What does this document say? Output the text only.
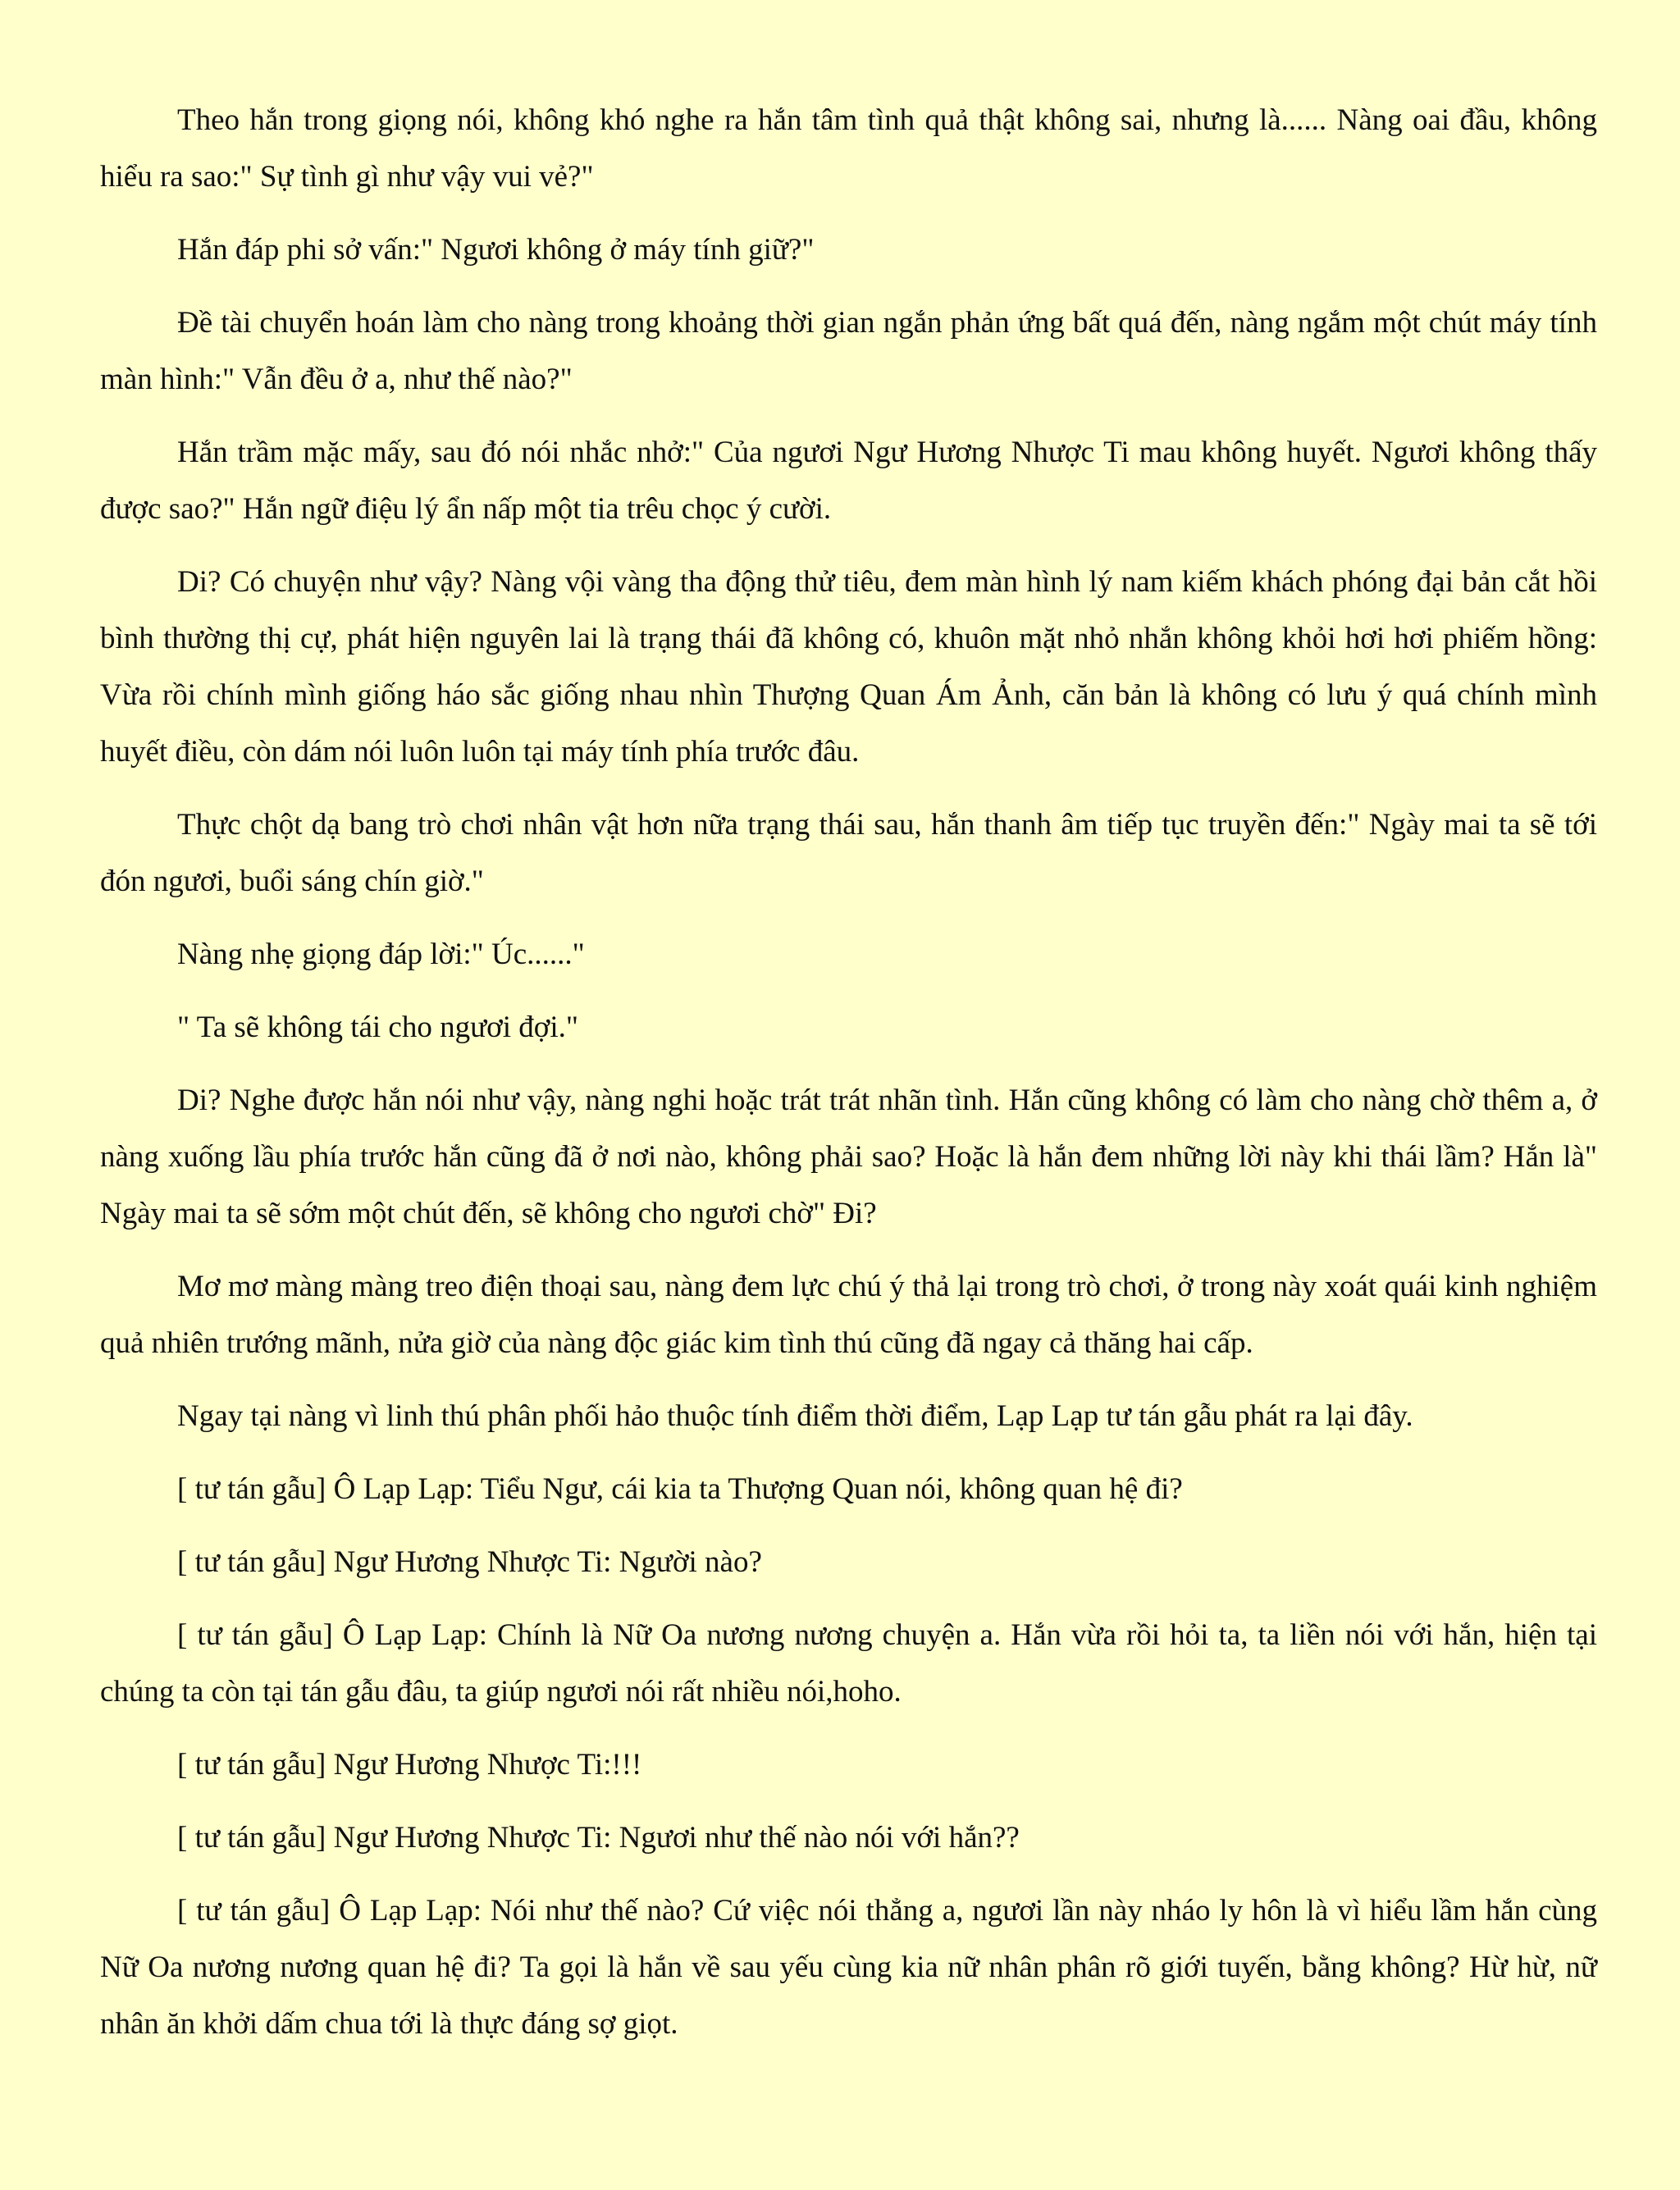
Theo hắn trong giọng nói, không khó nghe ra hắn tâm tình quả thật không sai, nhưng là...... Nàng oai đầu, không hiểu ra sao:" Sự tình gì như vậy vui vẻ?"

Hắn đáp phi sở vấn:" Ngươi không ở máy tính giữ?"

Đề tài chuyển hoán làm cho nàng trong khoảng thời gian ngắn phản ứng bất quá đến, nàng ngắm một chút máy tính màn hình:" Vẫn đều ở a, như thế nào?"

Hắn trầm mặc mấy, sau đó nói nhắc nhở:" Của ngươi Ngư Hương Nhược Ti mau không huyết. Ngươi không thấy được sao?" Hắn ngữ điệu lý ẩn nấp một tia trêu chọc ý cười.

Di? Có chuyện như vậy? Nàng vội vàng tha động thử tiêu, đem màn hình lý nam kiếm khách phóng đại bản cắt hồi bình thường thị cự, phát hiện nguyên lai là trạng thái đã không có, khuôn mặt nhỏ nhắn không khỏi hơi hơi phiếm hồng: Vừa rồi chính mình giống háo sắc giống nhau nhìn Thượng Quan Ám Ảnh, căn bản là không có lưu ý quá chính mình huyết điều, còn dám nói luôn luôn tại máy tính phía trước đâu.

Thực chột dạ bang trò chơi nhân vật hơn nữa trạng thái sau, hắn thanh âm tiếp tục truyền đến:" Ngày mai ta sẽ tới đón ngươi, buổi sáng chín giờ."

Nàng nhẹ giọng đáp lời:" Úc......"

" Ta sẽ không tái cho ngươi đợi."

Di? Nghe được hắn nói như vậy, nàng nghi hoặc trát trát nhãn tình. Hắn cũng không có làm cho nàng chờ thêm a, ở nàng xuống lầu phía trước hắn cũng đã ở nơi nào, không phải sao? Hoặc là hắn đem những lời này khi thái lầm? Hắn là" Ngày mai ta sẽ sớm một chút đến, sẽ không cho ngươi chờ" Đi?

Mơ mơ màng màng treo điện thoại sau, nàng đem lực chú ý thả lại trong trò chơi, ở trong này xoát quái kinh nghiệm quả nhiên trướng mãnh, nửa giờ của nàng độc giác kim tình thú cũng đã ngay cả thăng hai cấp.

Ngay tại nàng vì linh thú phân phối hảo thuộc tính điểm thời điểm, Lạp Lạp tư tán gẫu phát ra lại đây.

[ tư tán gẫu] Ô Lạp Lạp: Tiểu Ngư, cái kia ta Thượng Quan nói, không quan hệ đi?

[ tư tán gẫu] Ngư Hương Nhược Ti: Người nào?

[ tư tán gẫu] Ô Lạp Lạp: Chính là Nữ Oa nương nương chuyện a. Hắn vừa rồi hỏi ta, ta liền nói với hắn, hiện tại chúng ta còn tại tán gẫu đâu, ta giúp ngươi nói rất nhiều nói,hoho.

[ tư tán gẫu] Ngư Hương Nhược Ti:!!!

[ tư tán gẫu] Ngư Hương Nhược Ti: Ngươi như thế nào nói với hắn??

[ tư tán gẫu] Ô Lạp Lạp: Nói như thế nào? Cứ việc nói thẳng a, ngươi lần này nháo ly hôn là vì hiểu lầm hắn cùng Nữ Oa nương nương quan hệ đi? Ta gọi là hắn về sau yếu cùng kia nữ nhân phân rõ giới tuyến, bằng không? Hừ hừ, nữ nhân ăn khởi dấm chua tới là thực đáng sợ giọt.
